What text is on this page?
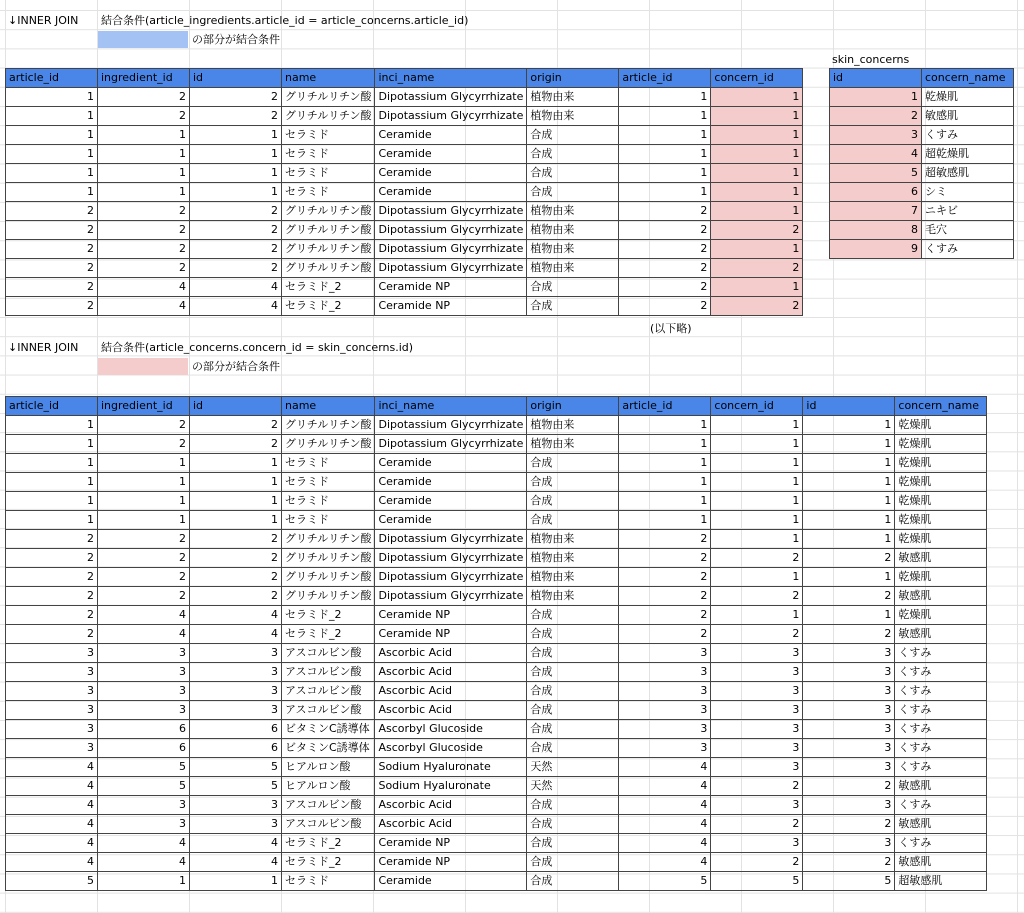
↓INNER JOIN 結合条件(article_ingredients.article_id = article_concerns.article_id)
の部分が結合条件
article_id	ingredient_id	id	name	inci_name	origin	article_id	concern_id
1	2	2	グリチルリチン酸	Dipotassium Glycyrrhizate	植物由来	1	1
1	2	2	グリチルリチン酸	Dipotassium Glycyrrhizate	植物由来	1	1
1	1	1	セラミド	Ceramide	合成	1	1
1	1	1	セラミド	Ceramide	合成	1	1
1	1	1	セラミド	Ceramide	合成	1	1
1	1	1	セラミド	Ceramide	合成	1	1
2	2	2	グリチルリチン酸	Dipotassium Glycyrrhizate	植物由来	2	1
2	2	2	グリチルリチン酸	Dipotassium Glycyrrhizate	植物由来	2	2
2	2	2	グリチルリチン酸	Dipotassium Glycyrrhizate	植物由来	2	1
2	2	2	グリチルリチン酸	Dipotassium Glycyrrhizate	植物由来	2	2
2	4	4	セラミド_2	Ceramide NP	合成	2	1
2	4	4	セラミド_2	Ceramide NP	合成	2	2
(以下略)
skin_concerns
id	concern_name
1	乾燥肌
2	敏感肌
3	くすみ
4	超乾燥肌
5	超敏感肌
6	シミ
7	ニキビ
8	毛穴
9	くすみ
↓INNER JOIN 結合条件(article_concerns.concern_id = skin_concerns.id)
の部分が結合条件
article_id	ingredient_id	id	name	inci_name	origin	article_id	concern_id	id	concern_name
1	2	2	グリチルリチン酸	Dipotassium Glycyrrhizate	植物由来	1	1	1	乾燥肌
1	2	2	グリチルリチン酸	Dipotassium Glycyrrhizate	植物由来	1	1	1	乾燥肌
1	1	1	セラミド	Ceramide	合成	1	1	1	乾燥肌
1	1	1	セラミド	Ceramide	合成	1	1	1	乾燥肌
1	1	1	セラミド	Ceramide	合成	1	1	1	乾燥肌
1	1	1	セラミド	Ceramide	合成	1	1	1	乾燥肌
2	2	2	グリチルリチン酸	Dipotassium Glycyrrhizate	植物由来	2	1	1	乾燥肌
2	2	2	グリチルリチン酸	Dipotassium Glycyrrhizate	植物由来	2	2	2	敏感肌
2	2	2	グリチルリチン酸	Dipotassium Glycyrrhizate	植物由来	2	1	1	乾燥肌
2	2	2	グリチルリチン酸	Dipotassium Glycyrrhizate	植物由来	2	2	2	敏感肌
2	4	4	セラミド_2	Ceramide NP	合成	2	1	1	乾燥肌
2	4	4	セラミド_2	Ceramide NP	合成	2	2	2	敏感肌
3	3	3	アスコルビン酸	Ascorbic Acid	合成	3	3	3	くすみ
3	3	3	アスコルビン酸	Ascorbic Acid	合成	3	3	3	くすみ
3	3	3	アスコルビン酸	Ascorbic Acid	合成	3	3	3	くすみ
3	3	3	アスコルビン酸	Ascorbic Acid	合成	3	3	3	くすみ
3	6	6	ビタミンC誘導体	Ascorbyl Glucoside	合成	3	3	3	くすみ
3	6	6	ビタミンC誘導体	Ascorbyl Glucoside	合成	3	3	3	くすみ
4	5	5	ヒアルロン酸	Sodium Hyaluronate	天然	4	3	3	くすみ
4	5	5	ヒアルロン酸	Sodium Hyaluronate	天然	4	2	2	敏感肌
4	3	3	アスコルビン酸	Ascorbic Acid	合成	4	3	3	くすみ
4	3	3	アスコルビン酸	Ascorbic Acid	合成	4	2	2	敏感肌
4	4	4	セラミド_2	Ceramide NP	合成	4	3	3	くすみ
4	4	4	セラミド_2	Ceramide NP	合成	4	2	2	敏感肌
5	1	1	セラミド	Ceramide	合成	5	5	5	超敏感肌
